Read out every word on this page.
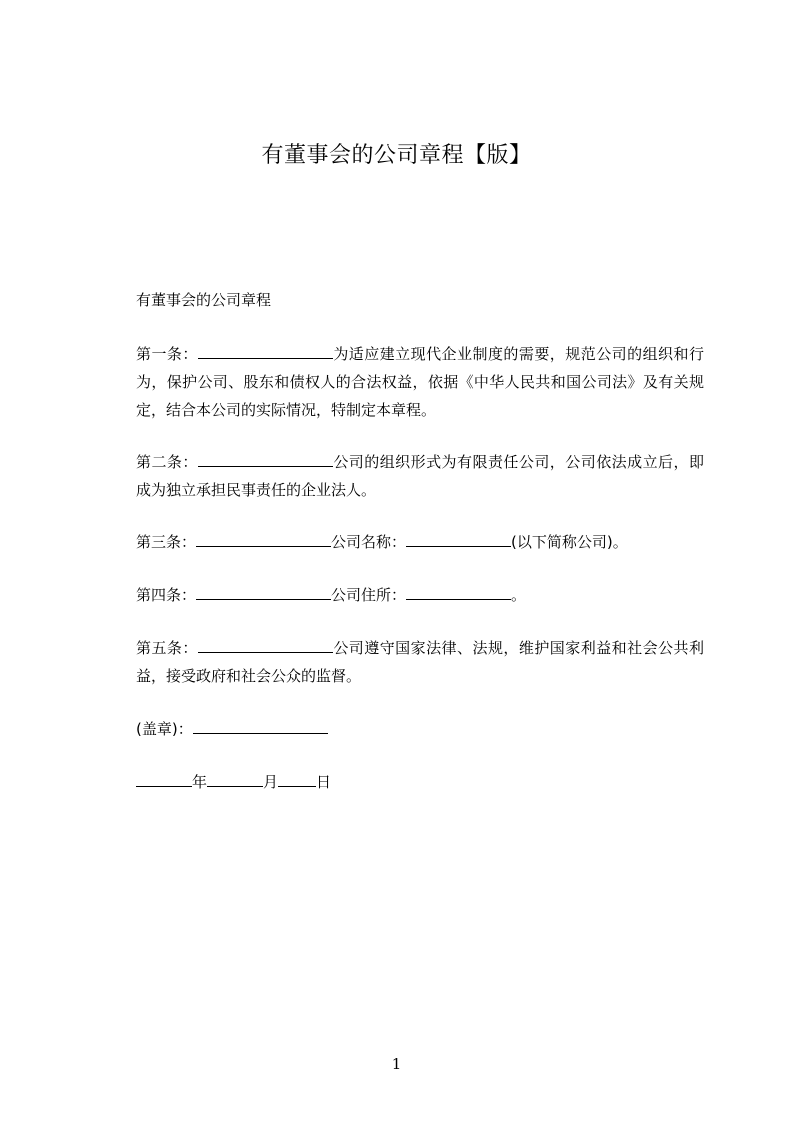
有董事会的公司章程【版】
有董事会的公司章程

第一条：	为适应建立现代企业制度的需要，规范公司的组织和行为，保护公司、股东和债权人的合法权益，依据《中华人民共和国公司法》及有关规定，结合本公司的实际情况，特制定本章程。

第二条：	公司的组织形式为有限责任公司，公司依法成立后，即成为独立承担民事责任的企业法人。

第三条：	公司名称：	(以下简称公司)。

第四条：	公司住所：	。

第五条：	公司遵守国家法律、法规，维护国家利益和社会公共利益，接受政府和社会公众的监督。

(盖章)：
年	月	日
1
